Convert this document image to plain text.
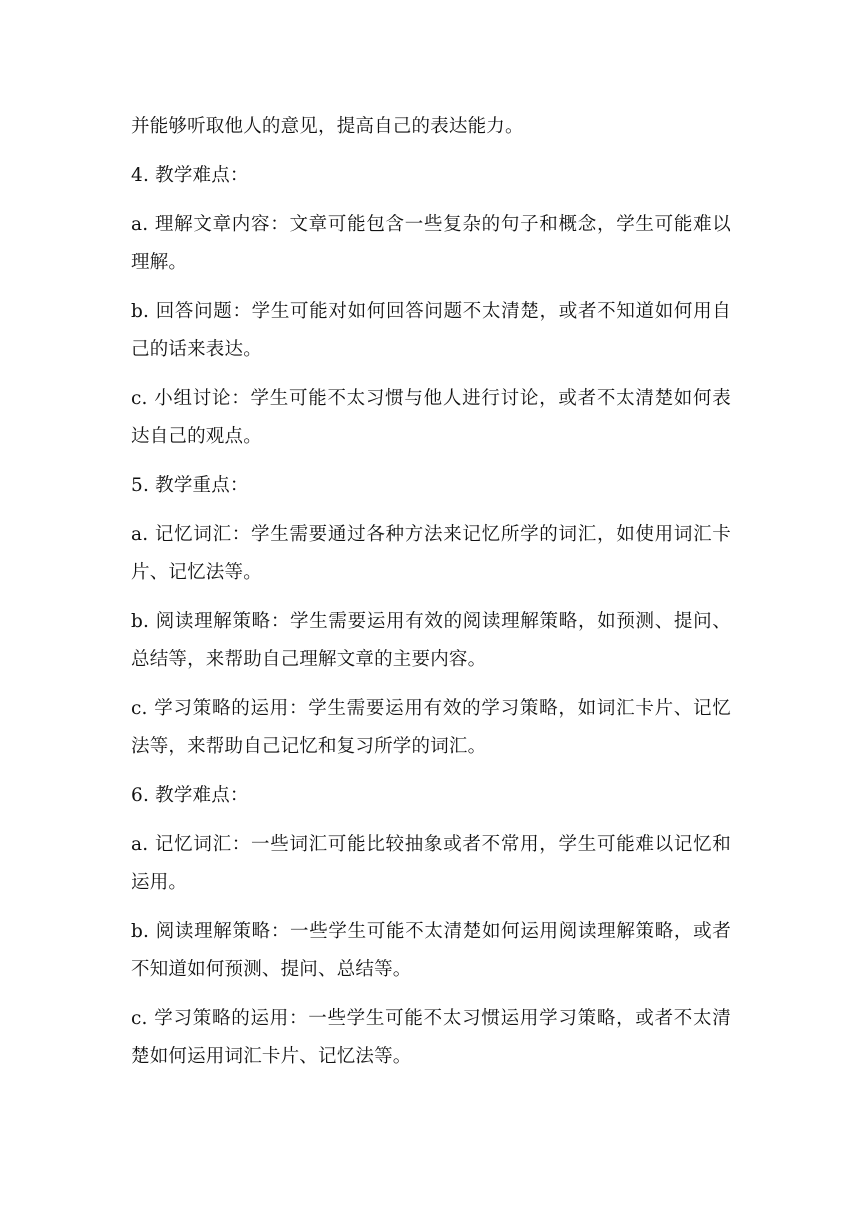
并能够听取他人的意见，提高自己的表达能力。

4. 教学难点：

a. 理解文章内容：文章可能包含一些复杂的句子和概念，学生可能难以理解。

b. 回答问题：学生可能对如何回答问题不太清楚，或者不知道如何用自己的话来表达。

c. 小组讨论：学生可能不太习惯与他人进行讨论，或者不太清楚如何表达自己的观点。

5. 教学重点：

a. 记忆词汇：学生需要通过各种方法来记忆所学的词汇，如使用词汇卡片、记忆法等。

b. 阅读理解策略：学生需要运用有效的阅读理解策略，如预测、提问、总结等，来帮助自己理解文章的主要内容。

c. 学习策略的运用：学生需要运用有效的学习策略，如词汇卡片、记忆法等，来帮助自己记忆和复习所学的词汇。

6. 教学难点：

a. 记忆词汇：一些词汇可能比较抽象或者不常用，学生可能难以记忆和运用。

b. 阅读理解策略：一些学生可能不太清楚如何运用阅读理解策略，或者不知道如何预测、提问、总结等。

c. 学习策略的运用：一些学生可能不太习惯运用学习策略，或者不太清楚如何运用词汇卡片、记忆法等。
